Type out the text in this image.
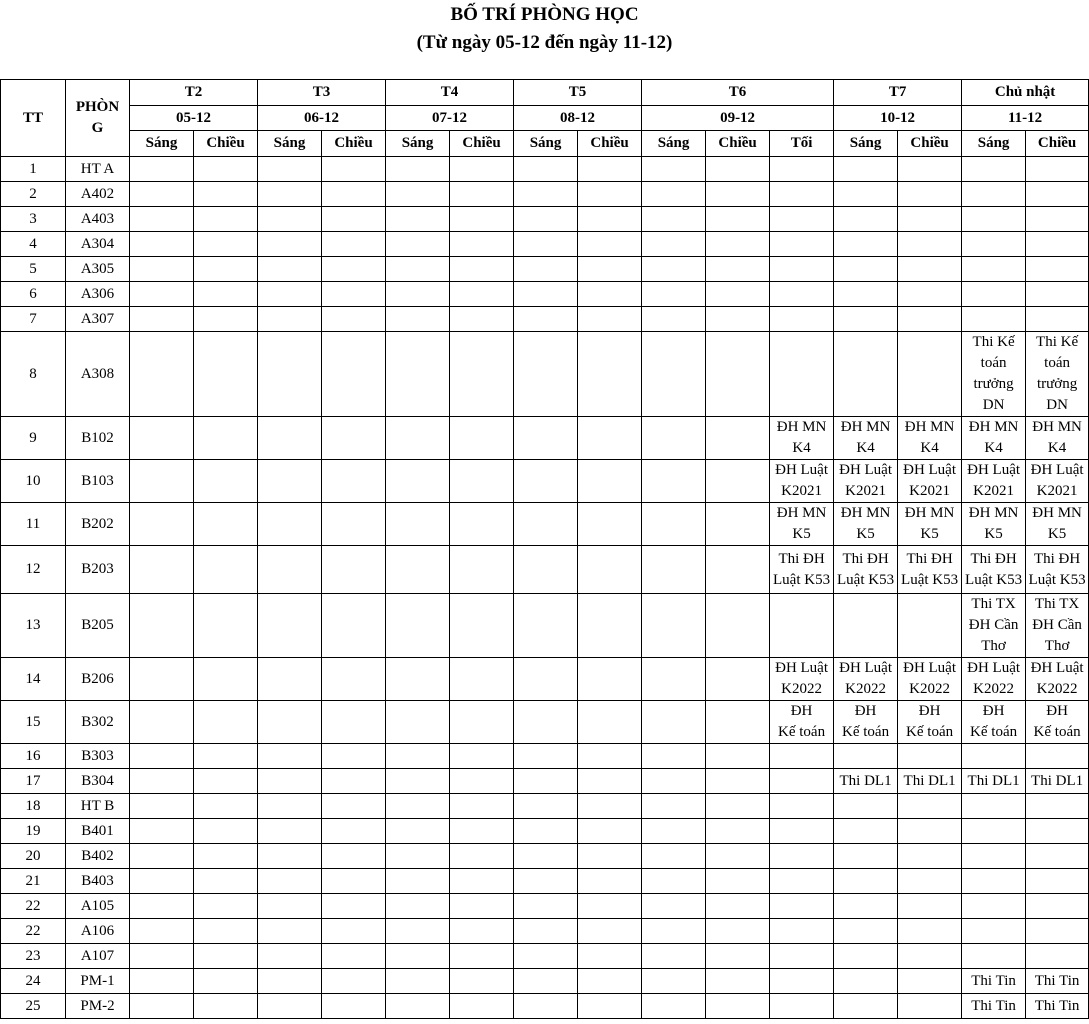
BỐ TRÍ PHÒNG HỌC
(Từ ngày 05-12 đến ngày 11-12)
TT	PHÒN
G	T2		T3		T4		T5		T6			T7		Chủ nhật	
		05-12		06-12		07-12		08-12		09-12			10-12		11-12	
		Sáng	Chiều	Sáng	Chiều	Sáng	Chiều	Sáng	Chiều	Sáng	Chiều	Tối	Sáng	Chiều	Sáng	Chiều
1	HT A															
2	A402															
3	A403															
4	A304															
5	A305															
6	A306															
7	A307															
8	A308														Thi Kế
toán
trưởng
DN	Thi Kế
toán
trưởng
DN
9	B102											ĐH MN
K4	ĐH MN
K4	ĐH MN
K4	ĐH MN
K4	ĐH MN
K4
10	B103											ĐH Luật
K2021	ĐH Luật
K2021	ĐH Luật
K2021	ĐH Luật
K2021	ĐH Luật
K2021
11	B202											ĐH MN
K5	ĐH MN
K5	ĐH MN
K5	ĐH MN
K5	ĐH MN
K5
12	B203											Thi ĐH
Luật K53	Thi ĐH
Luật K53	Thi ĐH
Luật K53	Thi ĐH
Luật K53	Thi ĐH
Luật K53
13	B205														Thi TX
ĐH Cần
Thơ	Thi TX
ĐH Cần
Thơ
14	B206											ĐH Luật
K2022	ĐH Luật
K2022	ĐH Luật
K2022	ĐH Luật
K2022	ĐH Luật
K2022
15	B302											ĐH
Kế toán	ĐH
Kế toán	ĐH
Kế toán	ĐH
Kế toán	ĐH
Kế toán
16	B303															
17	B304												Thi DL1	Thi DL1	Thi DL1	Thi DL1
18	HT B															
19	B401															
20	B402															
21	B403															
22	A105															
22	A106															
23	A107															
24	PM-1														Thi Tin	Thi Tin
25	PM-2														Thi Tin	Thi Tin
